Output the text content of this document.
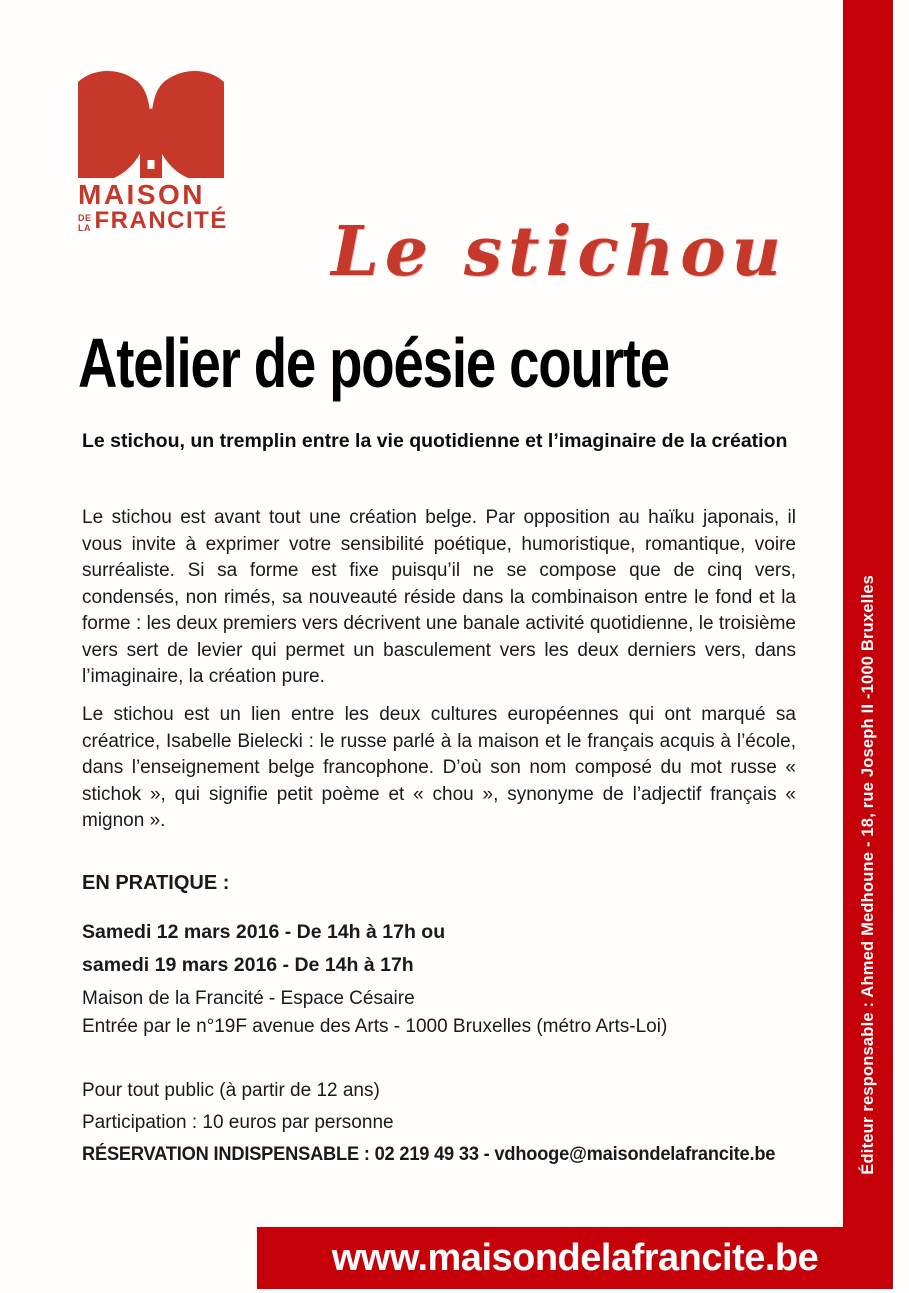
MAISON
DE
LA FRANCITÉ	Le stichou
Atelier de poésie courte
Le stichou, un tremplin entre la vie quotidienne et l’imaginaire de la création

Le stichou est avant tout une création belge. Par opposition au haïku japonais, il vous invite à exprimer votre sensibilité poétique, humoristique, romantique, voire surréaliste. Si sa forme est fixe puisqu’il ne se compose que de cinq vers, condensés, non rimés, sa nouveauté réside dans la combinaison entre le fond et la forme : les deux premiers vers décrivent une banale activité quotidienne, le troisième vers sert de levier qui permet un basculement vers les deux derniers vers, dans l’imaginaire, la création pure.

Le stichou est un lien entre les deux cultures européennes qui ont marqué sa créatrice, Isabelle Bielecki : le russe parlé à la maison et le français acquis à l’école, dans l’enseignement belge francophone. D’où son nom composé du mot russe « stichok », qui signifie petit poème et « chou », synonyme de l’adjectif français « mignon ».

EN PRATIQUE :
Samedi 12 mars 2016 - De 14h à 17h ou
samedi 19 mars 2016 - De 14h à 17h
Maison de la Francité - Espace Césaire
Entrée par le n°19F avenue des Arts - 1000 Bruxelles (métro Arts-Loi)
Pour tout public (à partir de 12 ans)
Participation : 10 euros par personne
RÉSERVATION INDISPENSABLE : 02 219 49 33 - vdhooge@maisondelafrancite.be	Éditeur responsable : Ahmed Medhoune - 18, rue Joseph II -1000 Bruxelles
www.maisondelafrancite.be
